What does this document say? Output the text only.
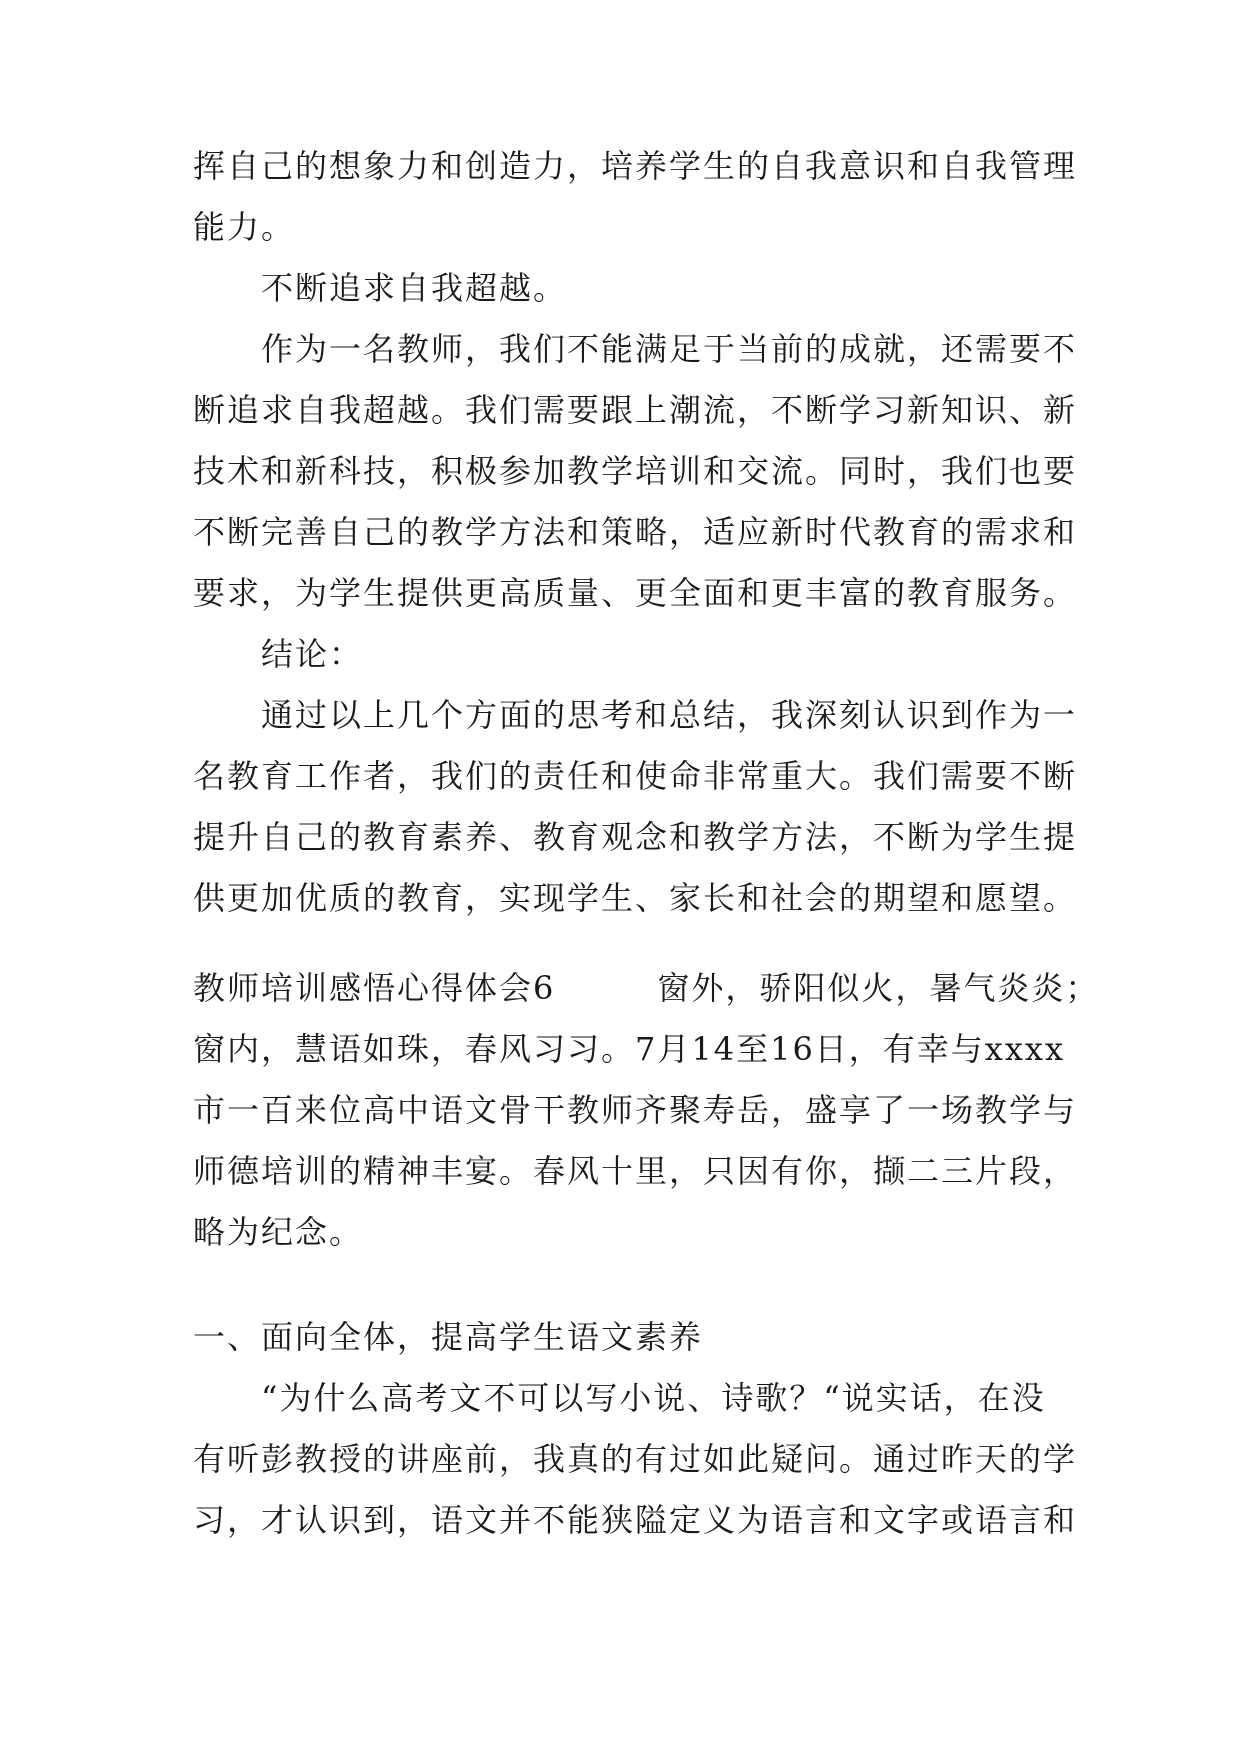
挥自己的想象力和创造力，培养学生的自我意识和自我管理
能力。
　　不断追求自我超越。
　　作为一名教师，我们不能满足于当前的成就，还需要不
断追求自我超越。我们需要跟上潮流，不断学习新知识、新
技术和新科技，积极参加教学培训和交流。同时，我们也要
不断完善自己的教学方法和策略，适应新时代教育的需求和
要求，为学生提供更高质量、更全面和更丰富的教育服务。
　　结论：
　　通过以上几个方面的思考和总结，我深刻认识到作为一
名教育工作者，我们的责任和使命非常重大。我们需要不断
提升自己的教育素养、教育观念和教学方法，不断为学生提
供更加优质的教育，实现学生、家长和社会的期望和愿望。
教师培训感悟心得体会6　　　窗外，骄阳似火，暑气炎炎；
窗内，慧语如珠，春风习习。7月14至16日，有幸与xxxx
市一百来位高中语文骨干教师齐聚寿岳，盛享了一场教学与
师德培训的精神丰宴。春风十里，只因有你，撷二三片段，
略为纪念。
一、面向全体，提高学生语文素养
　　“为什么高考文不可以写小说、诗歌？“说实话，在没
有听彭教授的讲座前，我真的有过如此疑问。通过昨天的学
习，才认识到，语文并不能狭隘定义为语言和文字或语言和
